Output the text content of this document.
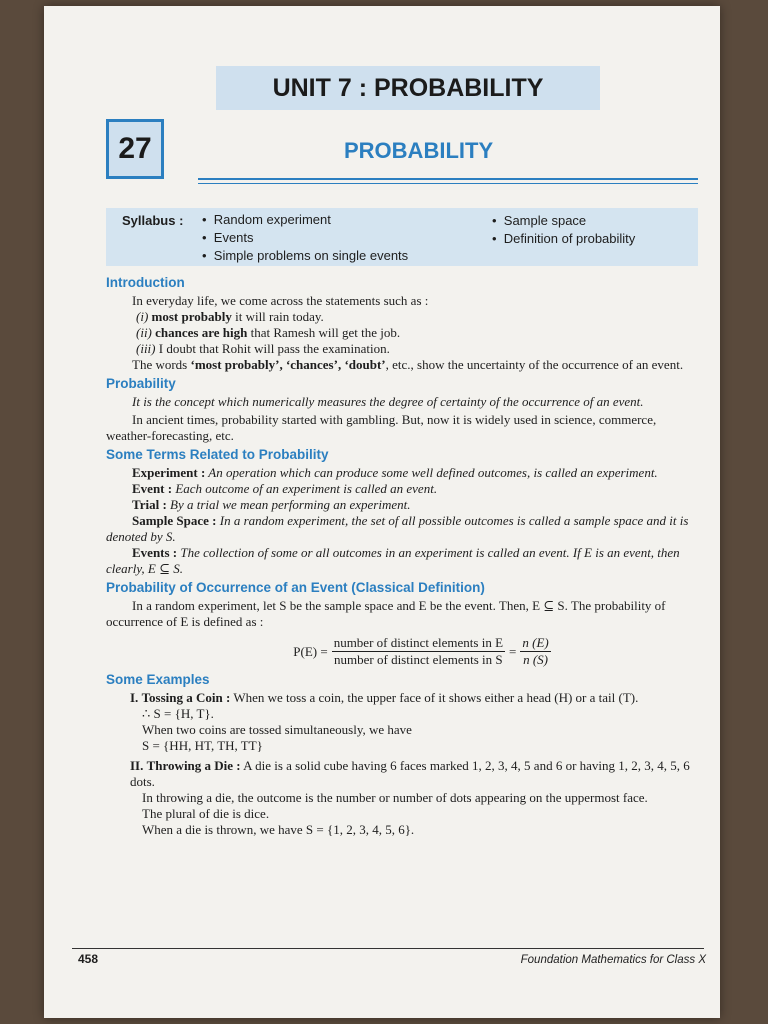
UNIT 7 : PROBABILITY
27	PROBABILITY
Syllabus : •  Random experiment
•  Events
•  Simple problems on single events
•  Sample space
•  Definition of probability
Introduction

In everyday life, we come across the statements such as :

(i) most probably it will rain today.

(ii) chances are high that Ramesh will get the job.

(iii) I doubt that Rohit will pass the examination.

The words ‘most probably’, ‘chances’, ‘doubt’, etc., show the uncertainty of the occurrence of an event.

Probability

It is the concept which numerically measures the degree of certainty of the occurrence of an event.

In ancient times, probability started with gambling. But, now it is widely used in science, commerce, weather-forecasting, etc.

Some Terms Related to Probability

Experiment : An operation which can produce some well defined outcomes, is called an experiment.

Event : Each outcome of an experiment is called an event.

Trial : By a trial we mean performing an experiment.

Sample Space : In a random experiment, the set of all possible outcomes is called a sample space and it is denoted by S.

Events : The collection of some or all outcomes in an experiment is called an event. If E is an event, then clearly, E ⊆ S.

Probability of Occurrence of an Event (Classical Definition)

In a random experiment, let S be the sample space and E be the event. Then, E ⊆ S. The probability of occurrence of E is defined as :

$P(E) = \frac{\text{number of distinct elements in E}}{\text{number of distinct elements in S}} = \frac{n (E)}{n (S)}$
Some Examples

I. Tossing a Coin : When we toss a coin, the upper face of it shows either a head (H) or a tail (T).

∴ S = {H, T}.

When two coins are tossed simultaneously, we have

S = {HH, HT, TH, TT}

II. Throwing a Die : A die is a solid cube having 6 faces marked 1, 2, 3, 4, 5 and 6 or having 1, 2, 3, 4, 5, 6 dots.

In throwing a die, the outcome is the number or number of dots appearing on the uppermost face.

The plural of die is dice.

When a die is thrown, we have S = {1, 2, 3, 4, 5, 6}.

458	Foundation Mathematics for Class X
